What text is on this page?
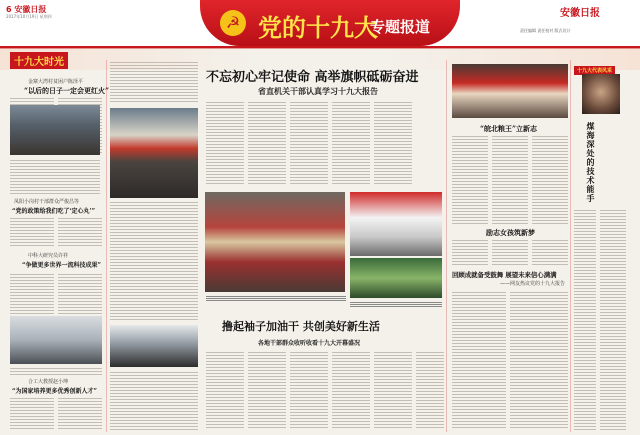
6 安徽日报
2017年10月19日 星期四	☭ 党的十九大
专题报道
安徽日报
责任编辑 责任校对 版式设计
十九大时光
金寨大湾村贫困户陈泽平
“以后的日子一定会更红火”
凤阳小岗村干部群众严俊昌等
“党的政策给我们吃了‘定心丸’”
中科大研究员许祥
“争做更多世界一流科技成果”
合工大教授赵小坤
“为国家培养更多优秀创新人才”
不忘初心牢记使命 高举旗帜砥砺奋进
省直机关干部认真学习十九大报告
撸起袖子加油干 共创美好新生活
各地干部群众收听收看十九大开幕盛况
“皖北粮王”立新志
励志女孩筑新梦
回顾成就备受鼓舞 展望未来信心满满
——网友热议党的十九大报告
十九大代表风采
煤海深处的技术能手
